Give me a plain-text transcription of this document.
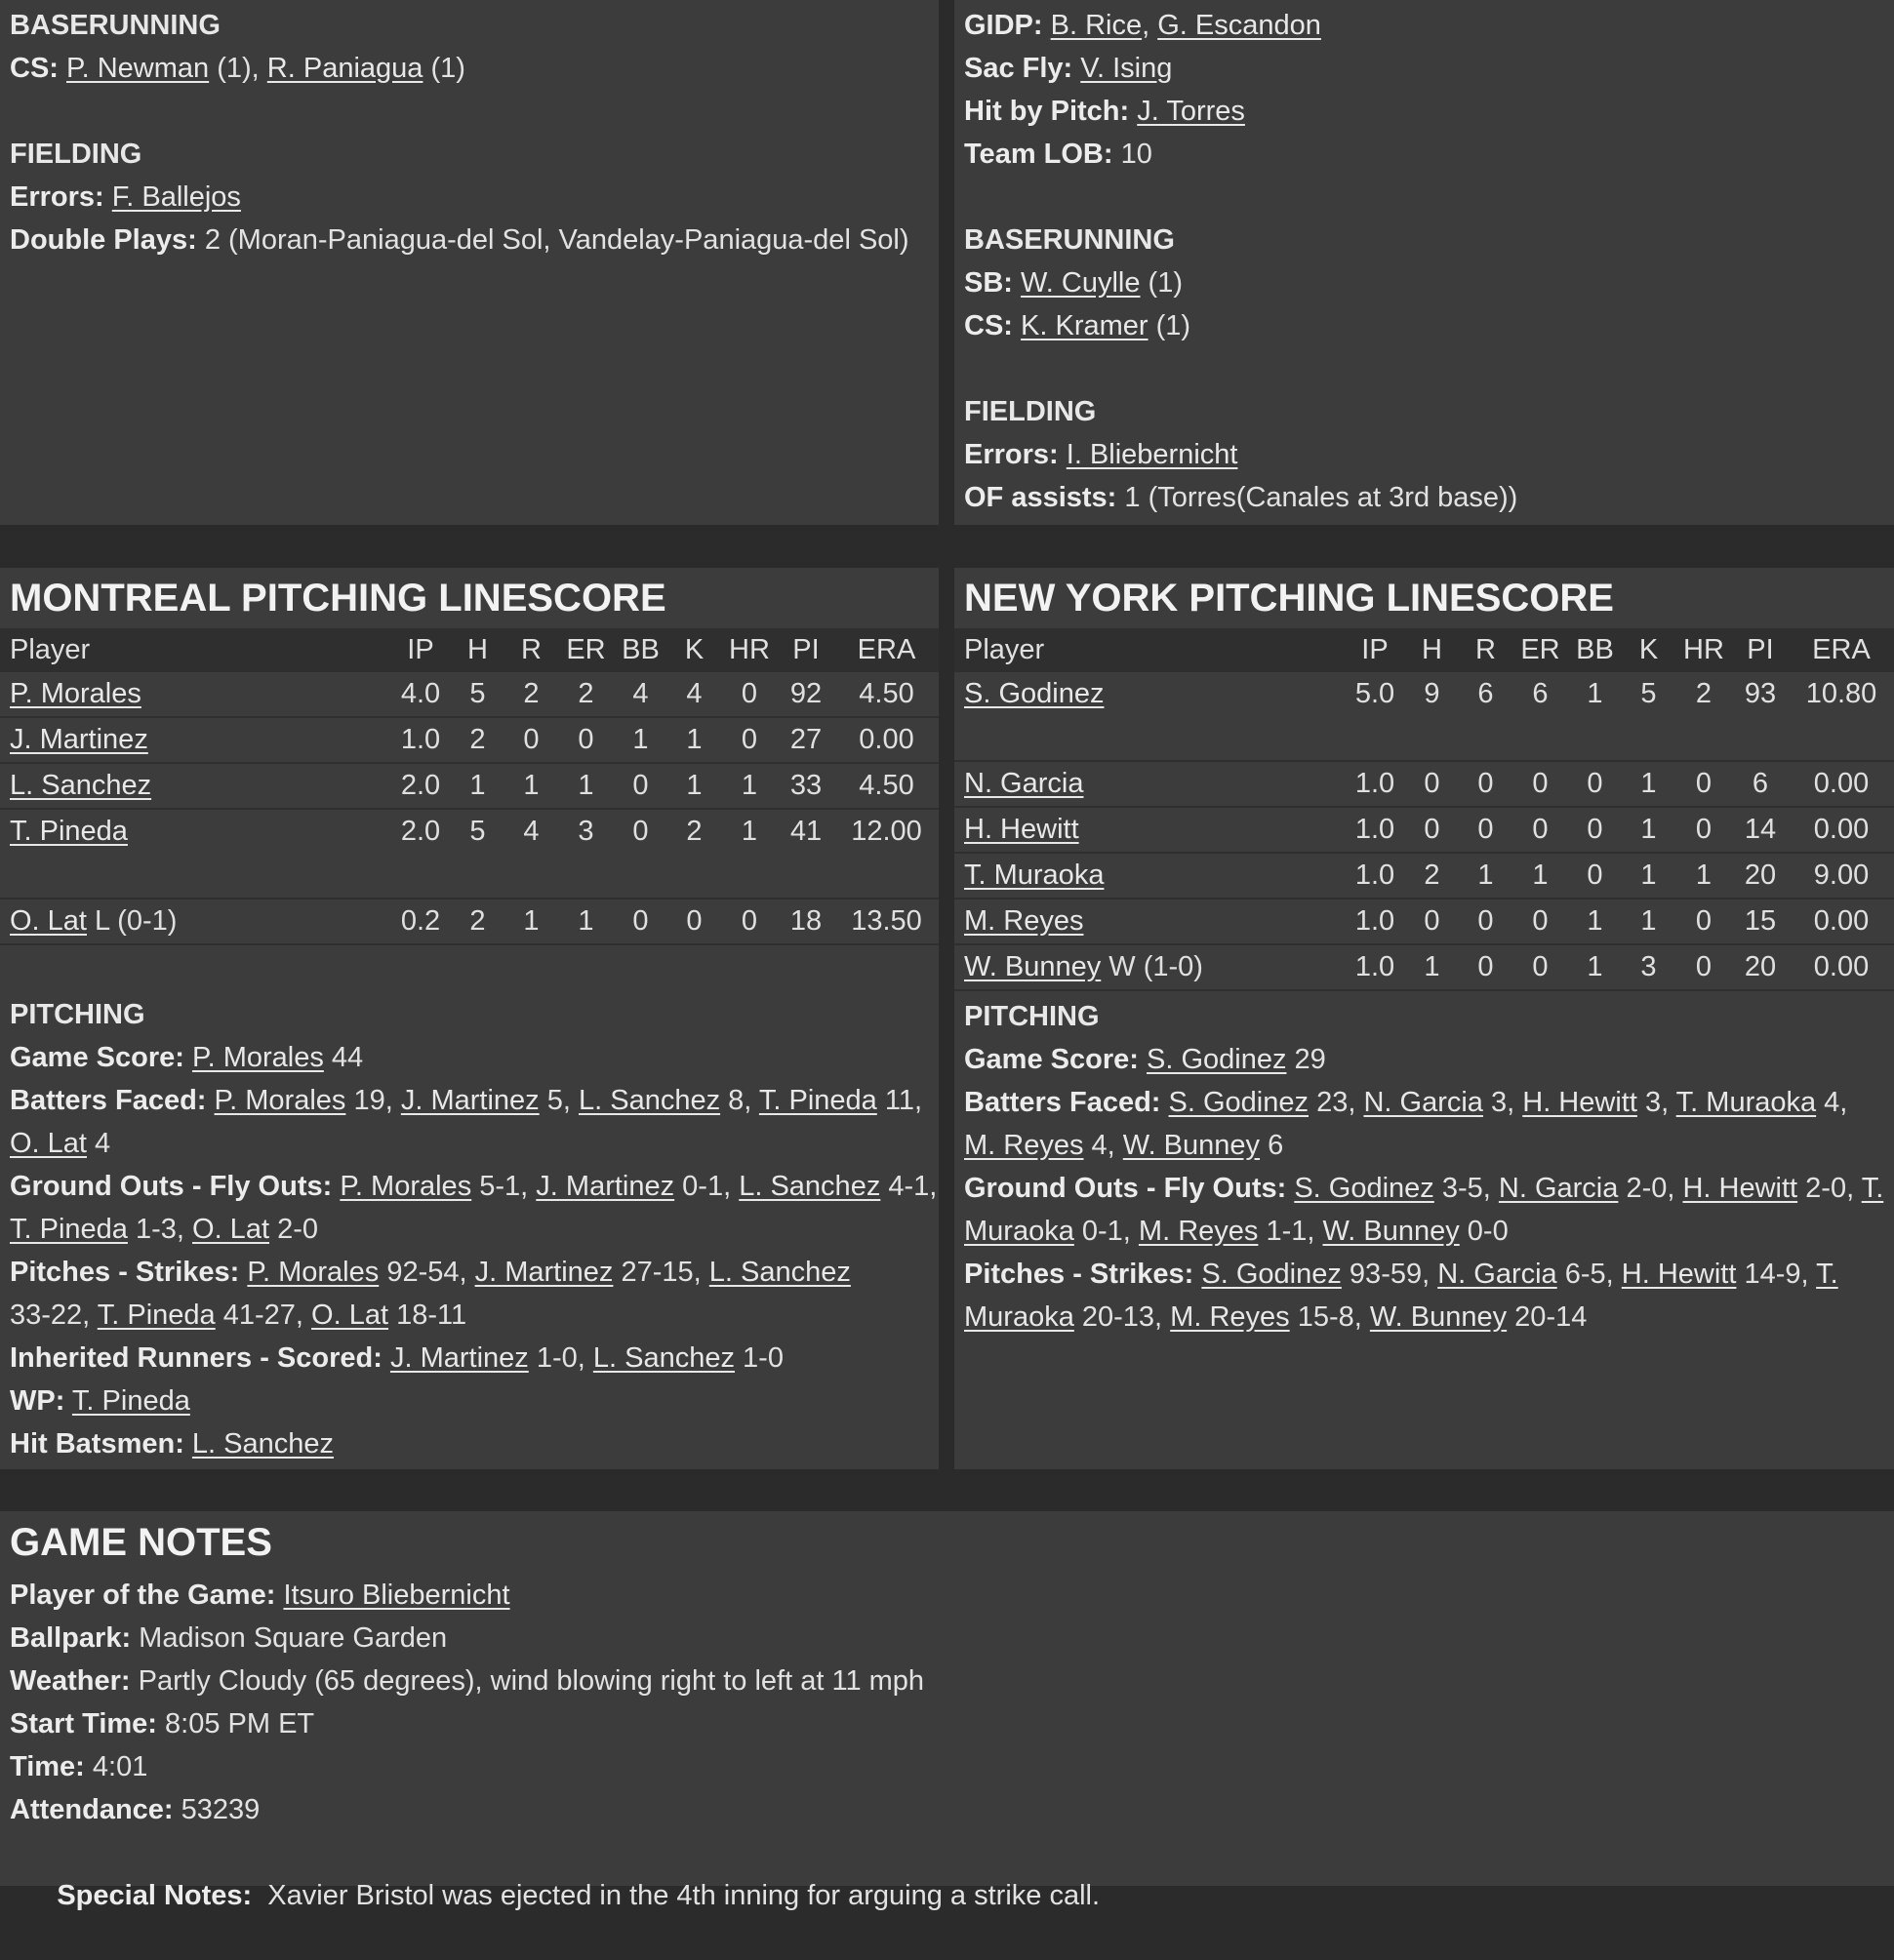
BASERUNNING
CS: P. Newman (1), R. Paniagua (1)
FIELDING
Errors: F. Ballejos
Double Plays: 2 (Moran-Paniagua-del Sol, Vandelay-Paniagua-del Sol)
GIDP: B. Rice, G. Escandon
Sac Fly: V. Ising
Hit by Pitch: J. Torres
Team LOB: 10
BASERUNNING
SB: W. Cuylle (1)
CS: K. Kramer (1)
FIELDING
Errors: I. Bliebernicht
OF assists: 1 (Torres(Canales at 3rd base))
MONTREAL PITCHING LINESCORE
Player	IP	H	R	ER	BB	K	HR	PI	ERA
P. Morales	4.0	5	2	2	4	4	0	92	4.50
J. Martinez	1.0	2	0	0	1	1	0	27	0.00
L. Sanchez	2.0	1	1	1	0	1	1	33	4.50
T. Pineda	2.0	5	4	3	0	2	1	41	12.00

O. Lat L (0-1)	0.2	2	1	1	0	0	0	18	13.50

PITCHING
Game Score: P. Morales 44
Batters Faced: P. Morales 19, J. Martinez 5, L. Sanchez 8, T. Pineda 11,
O. Lat 4
Ground Outs - Fly Outs: P. Morales 5-1, J. Martinez 0-1, L. Sanchez 4-1,
T. Pineda 1-3, O. Lat 2-0
Pitches - Strikes: P. Morales 92-54, J. Martinez 27-15, L. Sanchez
33-22, T. Pineda 41-27, O. Lat 18-11
Inherited Runners - Scored: J. Martinez 1-0, L. Sanchez 1-0
WP: T. Pineda
Hit Batsmen: L. Sanchez
NEW YORK PITCHING LINESCORE
Player	IP	H	R	ER	BB	K	HR	PI	ERA
S. Godinez	5.0	9	6	6	1	5	2	93	10.80

N. Garcia	1.0	0	0	0	0	1	0	6	0.00
H. Hewitt	1.0	0	0	0	0	1	0	14	0.00
T. Muraoka	1.0	2	1	1	0	1	1	20	9.00
M. Reyes	1.0	0	0	0	1	1	0	15	0.00
W. Bunney W (1-0)	1.0	1	0	0	1	3	0	20	0.00
PITCHING
Game Score: S. Godinez 29
Batters Faced: S. Godinez 23, N. Garcia 3, H. Hewitt 3, T. Muraoka 4,
M. Reyes 4, W. Bunney 6
Ground Outs - Fly Outs: S. Godinez 3-5, N. Garcia 2-0, H. Hewitt 2-0, T.
Muraoka 0-1, M. Reyes 1-1, W. Bunney 0-0
Pitches - Strikes: S. Godinez 93-59, N. Garcia 6-5, H. Hewitt 14-9, T.
Muraoka 20-13, M. Reyes 15-8, W. Bunney 20-14
GAME NOTES
Player of the Game: Itsuro Bliebernicht
Ballpark: Madison Square Garden
Weather: Partly Cloudy (65 degrees), wind blowing right to left at 11 mph
Start Time: 8:05 PM ET
Time: 4:01
Attendance: 53239

Special Notes:  Xavier Bristol was ejected in the 4th inning for arguing a strike call.
